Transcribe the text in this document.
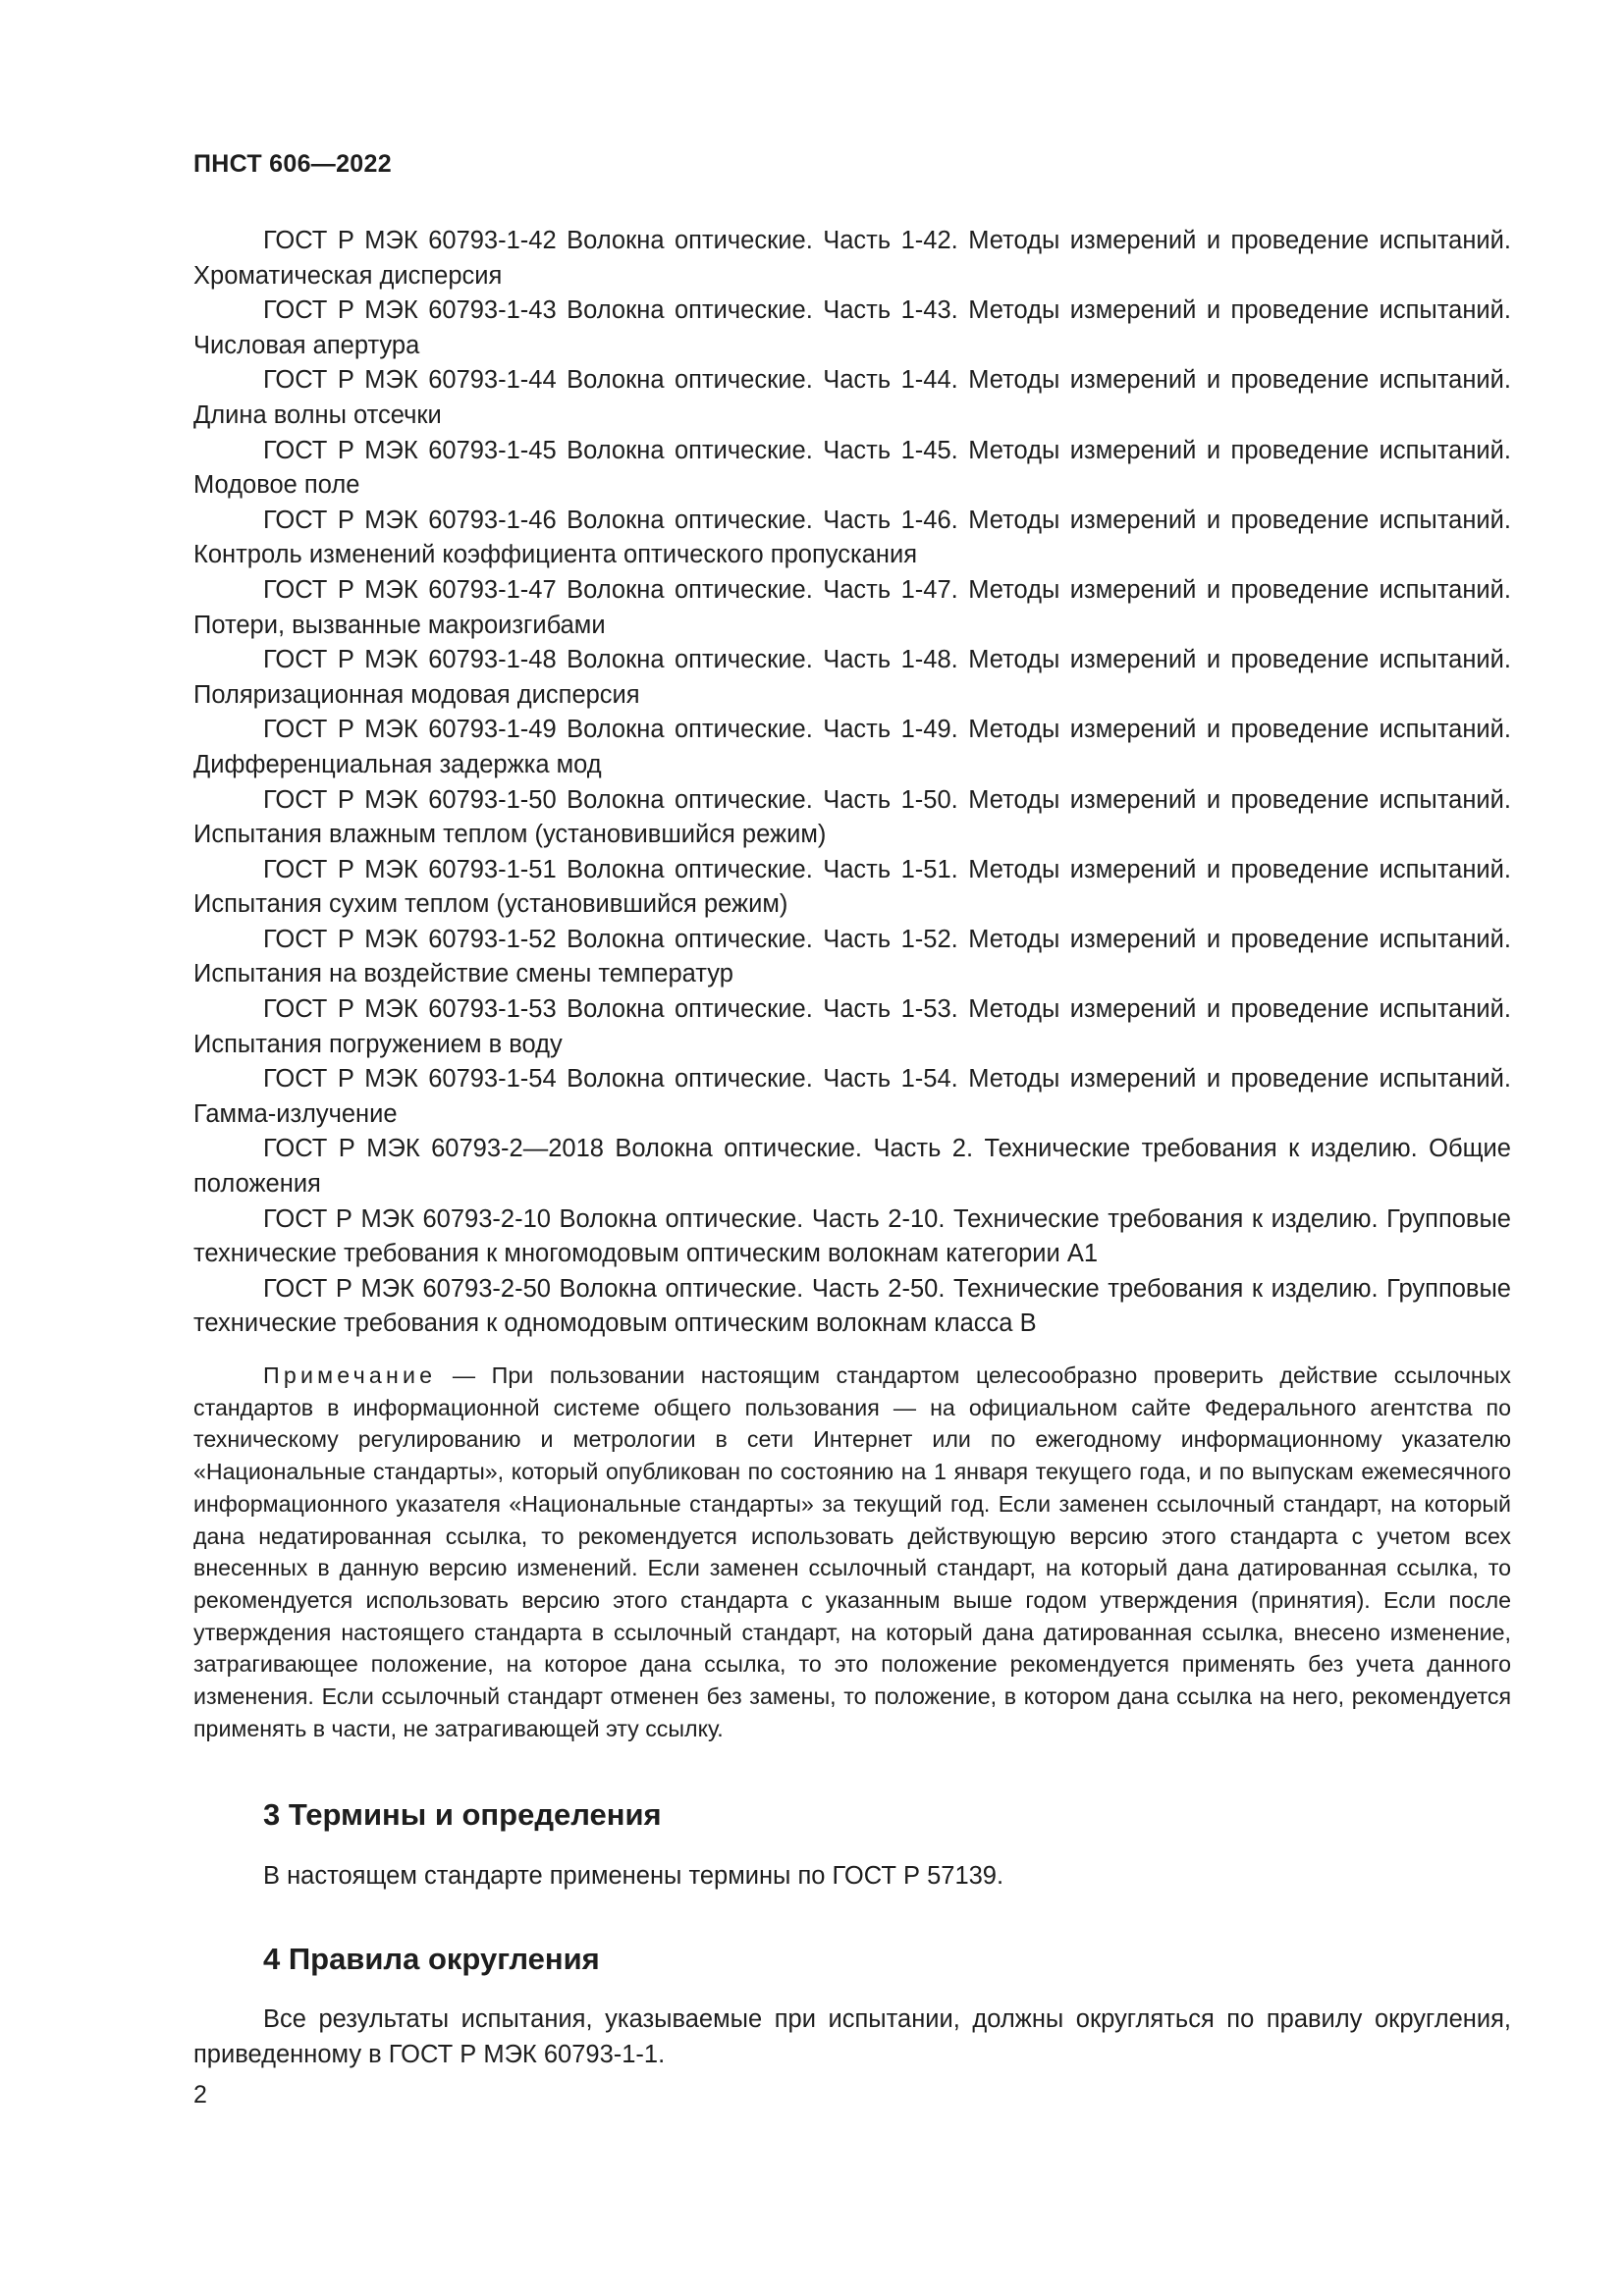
ПНСТ 606—2022

ГОСТ Р МЭК 60793-1-42 Волокна оптические. Часть 1-42. Методы измерений и проведение испытаний. Хроматическая дисперсия

ГОСТ Р МЭК 60793-1-43 Волокна оптические. Часть 1-43. Методы измерений и проведение испытаний. Числовая апертура

ГОСТ Р МЭК 60793-1-44 Волокна оптические. Часть 1-44. Методы измерений и проведение испытаний. Длина волны отсечки

ГОСТ Р МЭК 60793-1-45 Волокна оптические. Часть 1-45. Методы измерений и проведение испытаний. Модовое поле

ГОСТ Р МЭК 60793-1-46 Волокна оптические. Часть 1-46. Методы измерений и проведение испытаний. Контроль изменений коэффициента оптического пропускания

ГОСТ Р МЭК 60793-1-47 Волокна оптические. Часть 1-47. Методы измерений и проведение испытаний. Потери, вызванные макроизгибами

ГОСТ Р МЭК 60793-1-48 Волокна оптические. Часть 1-48. Методы измерений и проведение испытаний. Поляризационная модовая дисперсия

ГОСТ Р МЭК 60793-1-49 Волокна оптические. Часть 1-49. Методы измерений и проведение испытаний. Дифференциальная задержка мод

ГОСТ Р МЭК 60793-1-50 Волокна оптические. Часть 1-50. Методы измерений и проведение испытаний. Испытания влажным теплом (установившийся режим)

ГОСТ Р МЭК 60793-1-51 Волокна оптические. Часть 1-51. Методы измерений и проведение испытаний. Испытания сухим теплом (установившийся режим)

ГОСТ Р МЭК 60793-1-52 Волокна оптические. Часть 1-52. Методы измерений и проведение испытаний. Испытания на воздействие смены температур

ГОСТ Р МЭК 60793-1-53 Волокна оптические. Часть 1-53. Методы измерений и проведение испытаний. Испытания погружением в воду

ГОСТ Р МЭК 60793-1-54 Волокна оптические. Часть 1-54. Методы измерений и проведение испытаний. Гамма-излучение

ГОСТ Р МЭК 60793-2—2018 Волокна оптические. Часть 2. Технические требования к изделию. Общие положения

ГОСТ Р МЭК 60793-2-10 Волокна оптические. Часть 2-10. Технические требования к изделию. Групповые технические требования к многомодовым оптическим волокнам категории А1

ГОСТ Р МЭК 60793-2-50 Волокна оптические. Часть 2-50. Технические требования к изделию. Групповые технические требования к одномодовым оптическим волокнам класса В

Примечание — При пользовании настоящим стандартом целесообразно проверить действие ссылочных стандартов в информационной системе общего пользования — на официальном сайте Федерального агентства по техническому регулированию и метрологии в сети Интернет или по ежегодному информационному указателю «Национальные стандарты», который опубликован по состоянию на 1 января текущего года, и по выпускам ежемесячного информационного указателя «Национальные стандарты» за текущий год. Если заменен ссылочный стандарт, на который дана недатированная ссылка, то рекомендуется использовать действующую версию этого стандарта с учетом всех внесенных в данную версию изменений. Если заменен ссылочный стандарт, на который дана датированная ссылка, то рекомендуется использовать версию этого стандарта с указанным выше годом утверждения (принятия). Если после утверждения настоящего стандарта в ссылочный стандарт, на который дана датированная ссылка, внесено изменение, затрагивающее положение, на которое дана ссылка, то это положение рекомендуется применять без учета данного изменения. Если ссылочный стандарт отменен без замены, то положение, в котором дана ссылка на него, рекомендуется применять в части, не затрагивающей эту ссылку.

3 Термины и определения

В настоящем стандарте применены термины по ГОСТ Р 57139.

4 Правила округления

Все результаты испытания, указываемые при испытании, должны округляться по правилу округления, приведенному в ГОСТ Р МЭК 60793-1-1.

2
